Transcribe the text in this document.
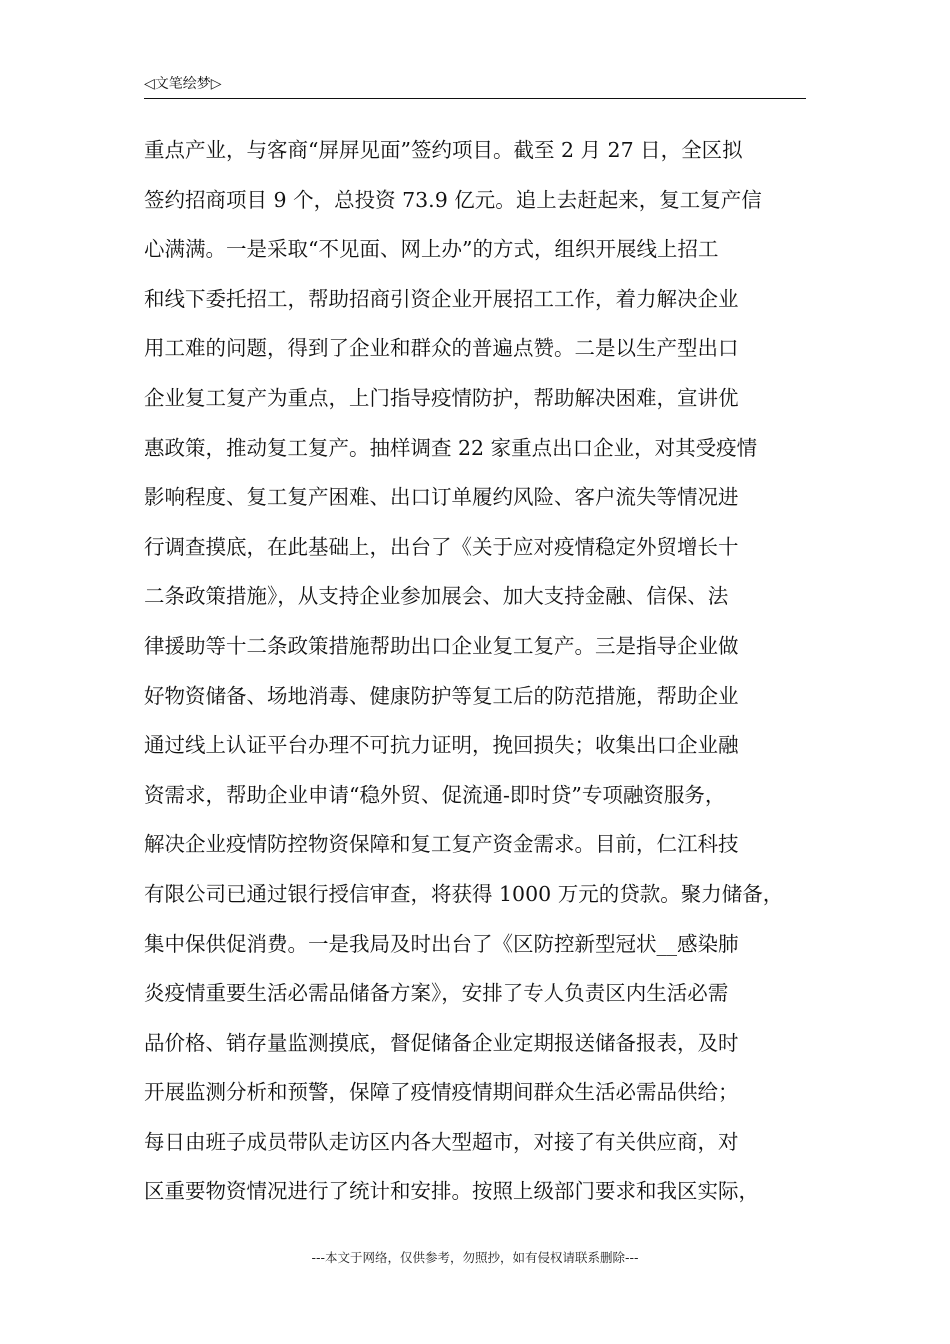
◁文笔绘梦▷
重点产业，与客商“屏屏见面”签约项目。截至 2 月 27 日，全区拟
签约招商项目 9 个，总投资 73.9 亿元。追上去赶起来，复工复产信
心满满。一是采取“不见面、网上办”的方式，组织开展线上招工
和线下委托招工，帮助招商引资企业开展招工工作，着力解决企业
用工难的问题，得到了企业和群众的普遍点赞。二是以生产型出口
企业复工复产为重点，上门指导疫情防护，帮助解决困难，宣讲优
惠政策，推动复工复产。抽样调查 22 家重点出口企业，对其受疫情
影响程度、复工复产困难、出口订单履约风险、客户流失等情况进
行调查摸底，在此基础上，出台了《关于应对疫情稳定外贸增长十
二条政策措施》，从支持企业参加展会、加大支持金融、信保、法
律援助等十二条政策措施帮助出口企业复工复产。三是指导企业做
好物资储备、场地消毒、健康防护等复工后的防范措施，帮助企业
通过线上认证平台办理不可抗力证明，挽回损失；收集出口企业融
资需求，帮助企业申请“稳外贸、促流通-即时贷”专项融资服务，
解决企业疫情防控物资保障和复工复产资金需求。目前，仁江科技
有限公司已通过银行授信审查，将获得 1000 万元的贷款。聚力储备，
集中保供促消费。一是我局及时出台了《区防控新型冠状__感染肺
炎疫情重要生活必需品储备方案》，安排了专人负责区内生活必需
品价格、销存量监测摸底，督促储备企业定期报送储备报表，及时
开展监测分析和预警，保障了疫情疫情期间群众生活必需品供给；
每日由班子成员带队走访区内各大型超市，对接了有关供应商，对
区重要物资情况进行了统计和安排。按照上级部门要求和我区实际，
---本文于网络，仅供参考，勿照抄，如有侵权请联系删除---
